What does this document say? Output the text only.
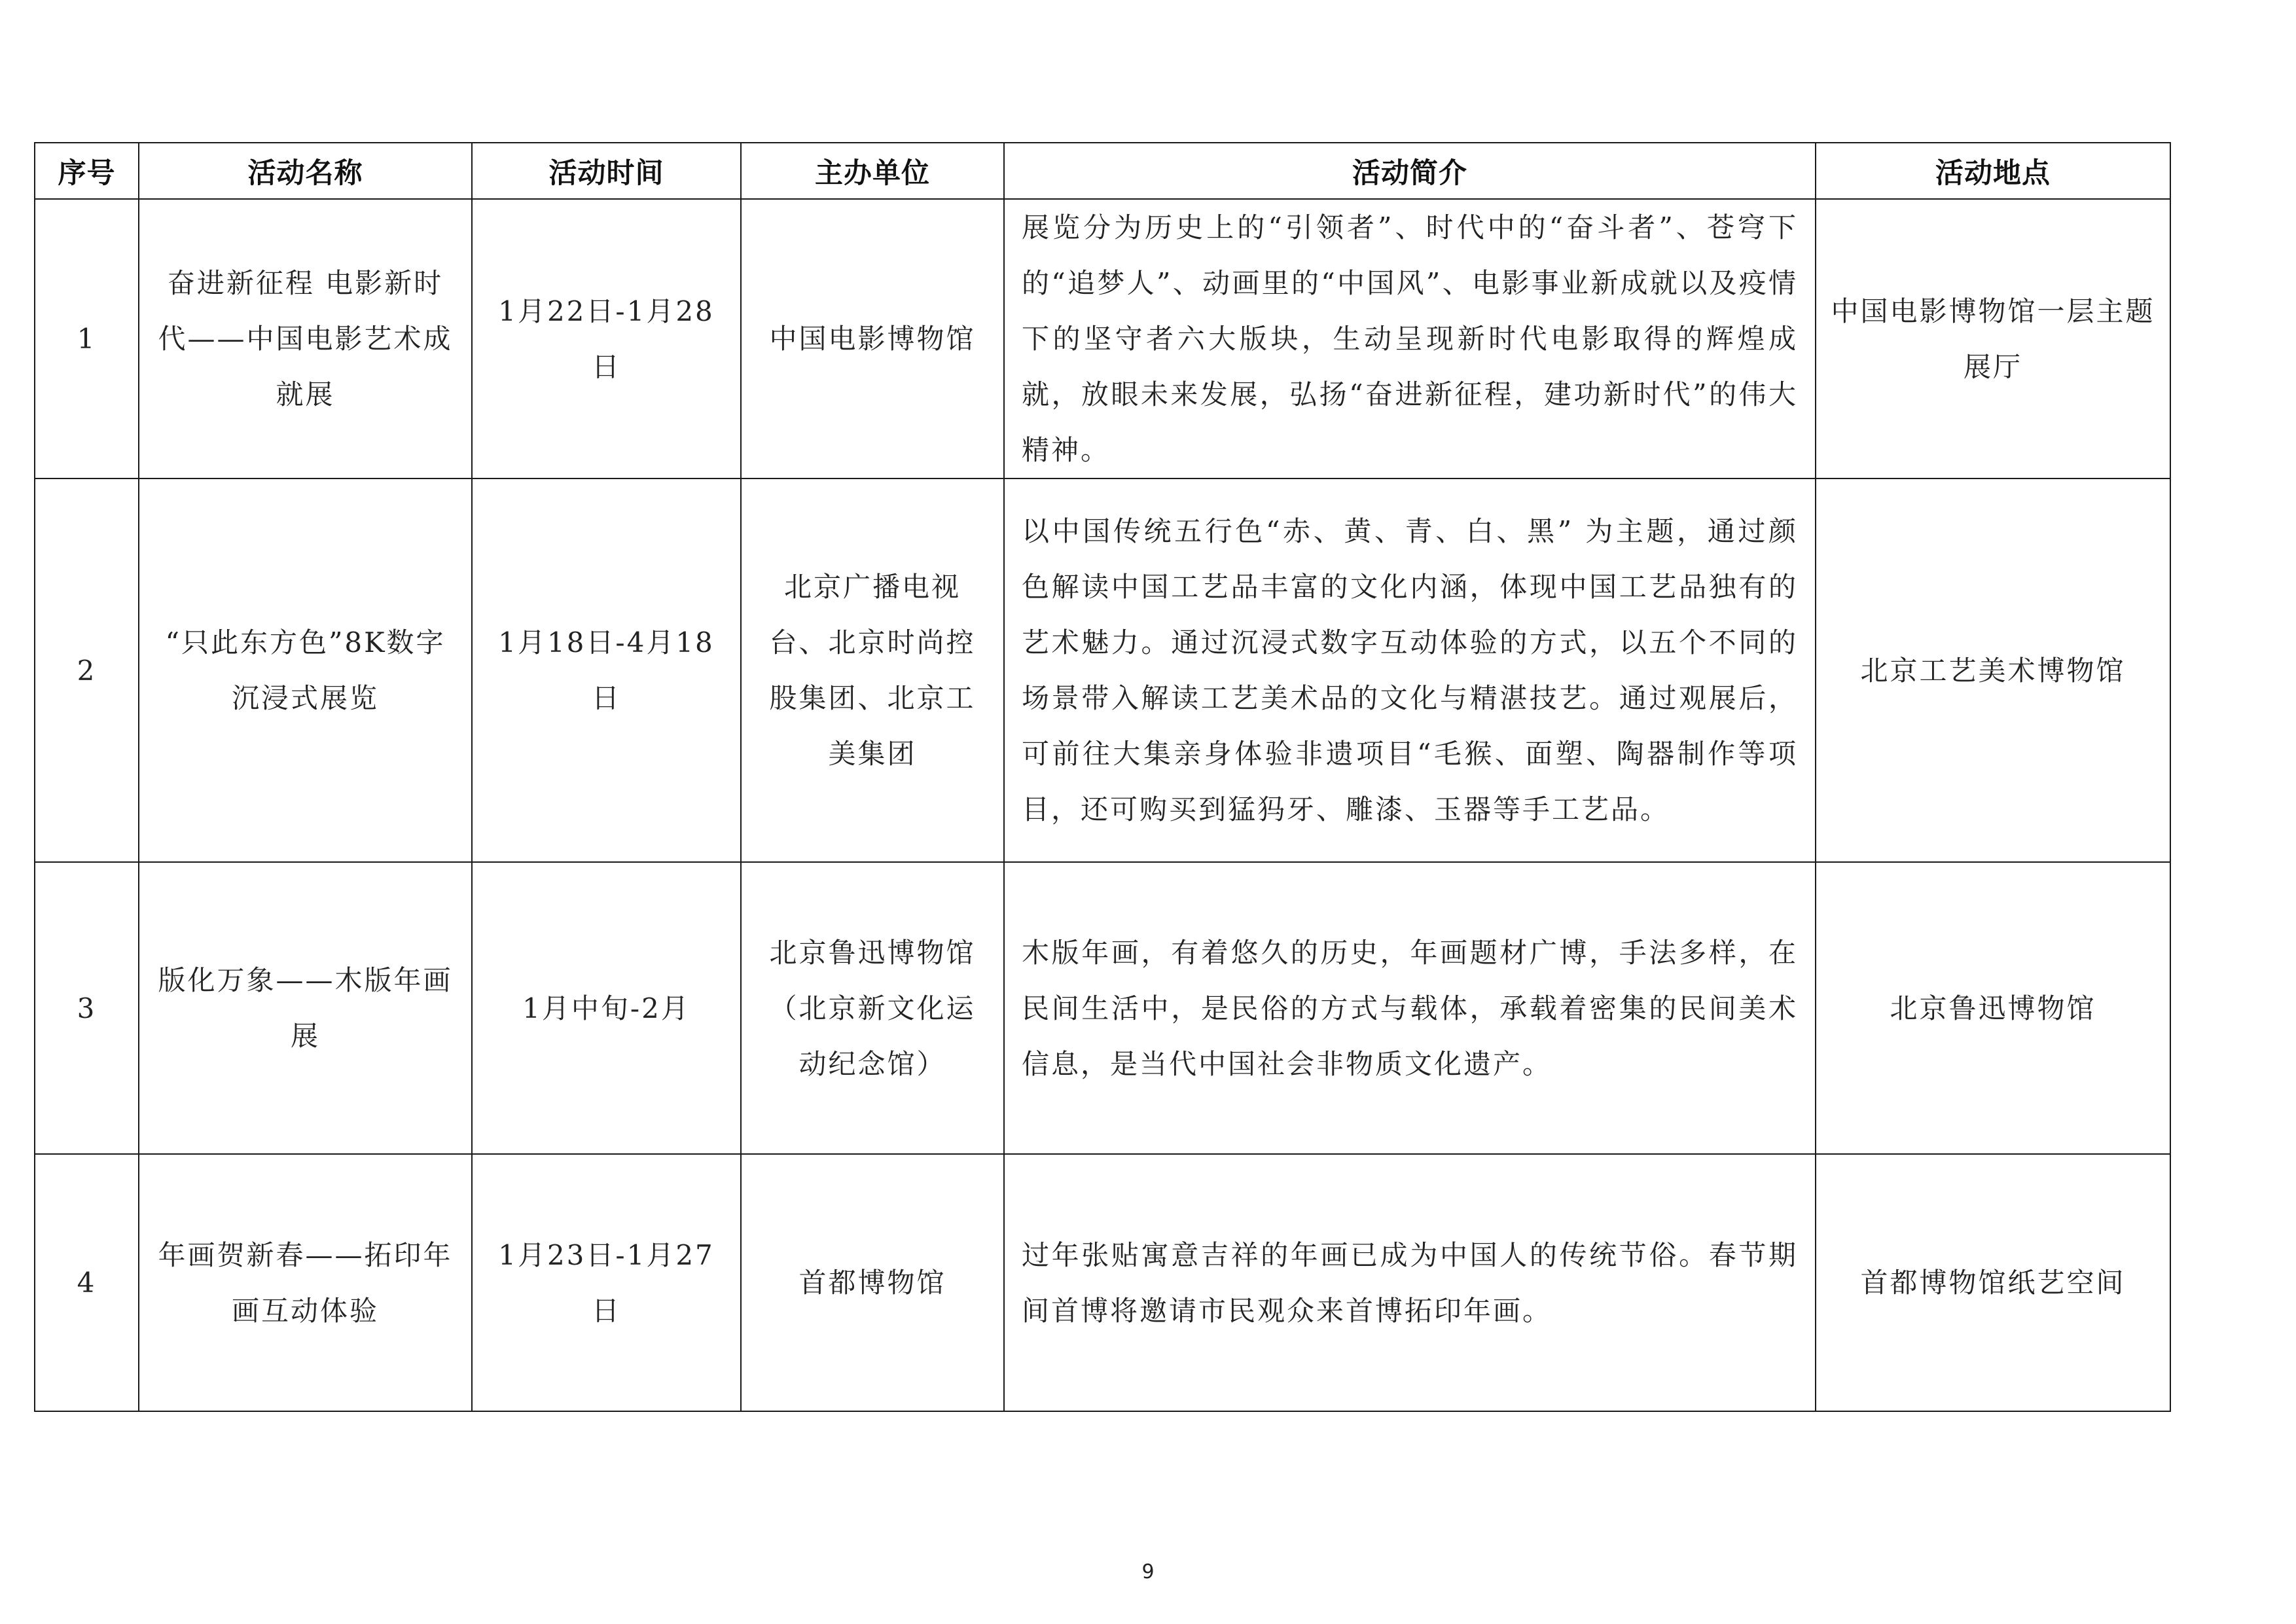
序号	活动名称	活动时间	主办单位	活动简介	活动地点
1	奋进新征程 电影新时代——中国电影艺术成就展	1月22日-1月28日	中国电影博物馆	展览分为历史上的“引领者”、时代中的“奋斗者”、苍穹下的“追梦人”、动画里的“中国风”、电影事业新成就以及疫情下的坚守者六大版块，生动呈现新时代电影取得的辉煌成就，放眼未来发展，弘扬“奋进新征程，建功新时代”的伟大精神。	中国电影博物馆一层主题展厅
2	“只此东方色”8K数字沉浸式展览	1月18日-4月18日	北京广播电视台、北京时尚控股集团、北京工美集团	以中国传统五行色“赤、黄、青、白、黑” 为主题，通过颜色解读中国工艺品丰富的文化内涵，体现中国工艺品独有的艺术魅力。通过沉浸式数字互动体验的方式，以五个不同的场景带入解读工艺美术品的文化与精湛技艺。通过观展后，可前往大集亲身体验非遗项目“毛猴、面塑、陶器制作等项目，还可购买到猛犸牙、雕漆、玉器等手工艺品。	北京工艺美术博物馆
3	版化万象——木版年画展	1月中旬-2月	北京鲁迅博物馆（北京新文化运动纪念馆）	木版年画，有着悠久的历史，年画题材广博，手法多样，在民间生活中，是民俗的方式与载体，承载着密集的民间美术信息，是当代中国社会非物质文化遗产。	北京鲁迅博物馆
4	年画贺新春——拓印年画互动体验	1月23日-1月27日	首都博物馆	过年张贴寓意吉祥的年画已成为中国人的传统节俗。春节期间首博将邀请市民观众来首博拓印年画。	首都博物馆纸艺空间
9
